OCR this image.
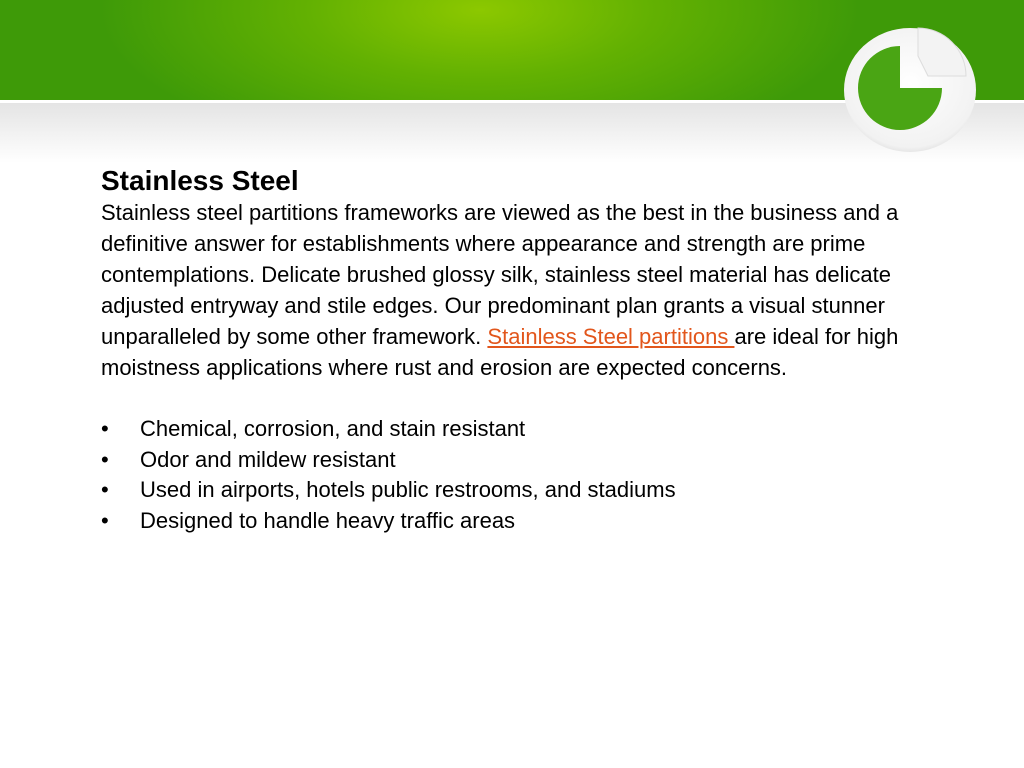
Stainless Steel

Stainless steel partitions frameworks are viewed as the best in the business and a definitive answer for establishments where appearance and strength are prime contemplations. Delicate brushed glossy silk, stainless steel material has delicate adjusted entryway and stile edges. Our predominant plan grants a visual stunner unparalleled by some other framework. Stainless Steel partitions are ideal for high moistness applications where rust and erosion are expected concerns.

• Chemical, corrosion, and stain resistant
• Odor and mildew resistant
• Used in airports, hotels public restrooms, and stadiums
• Designed to handle heavy traffic areas
